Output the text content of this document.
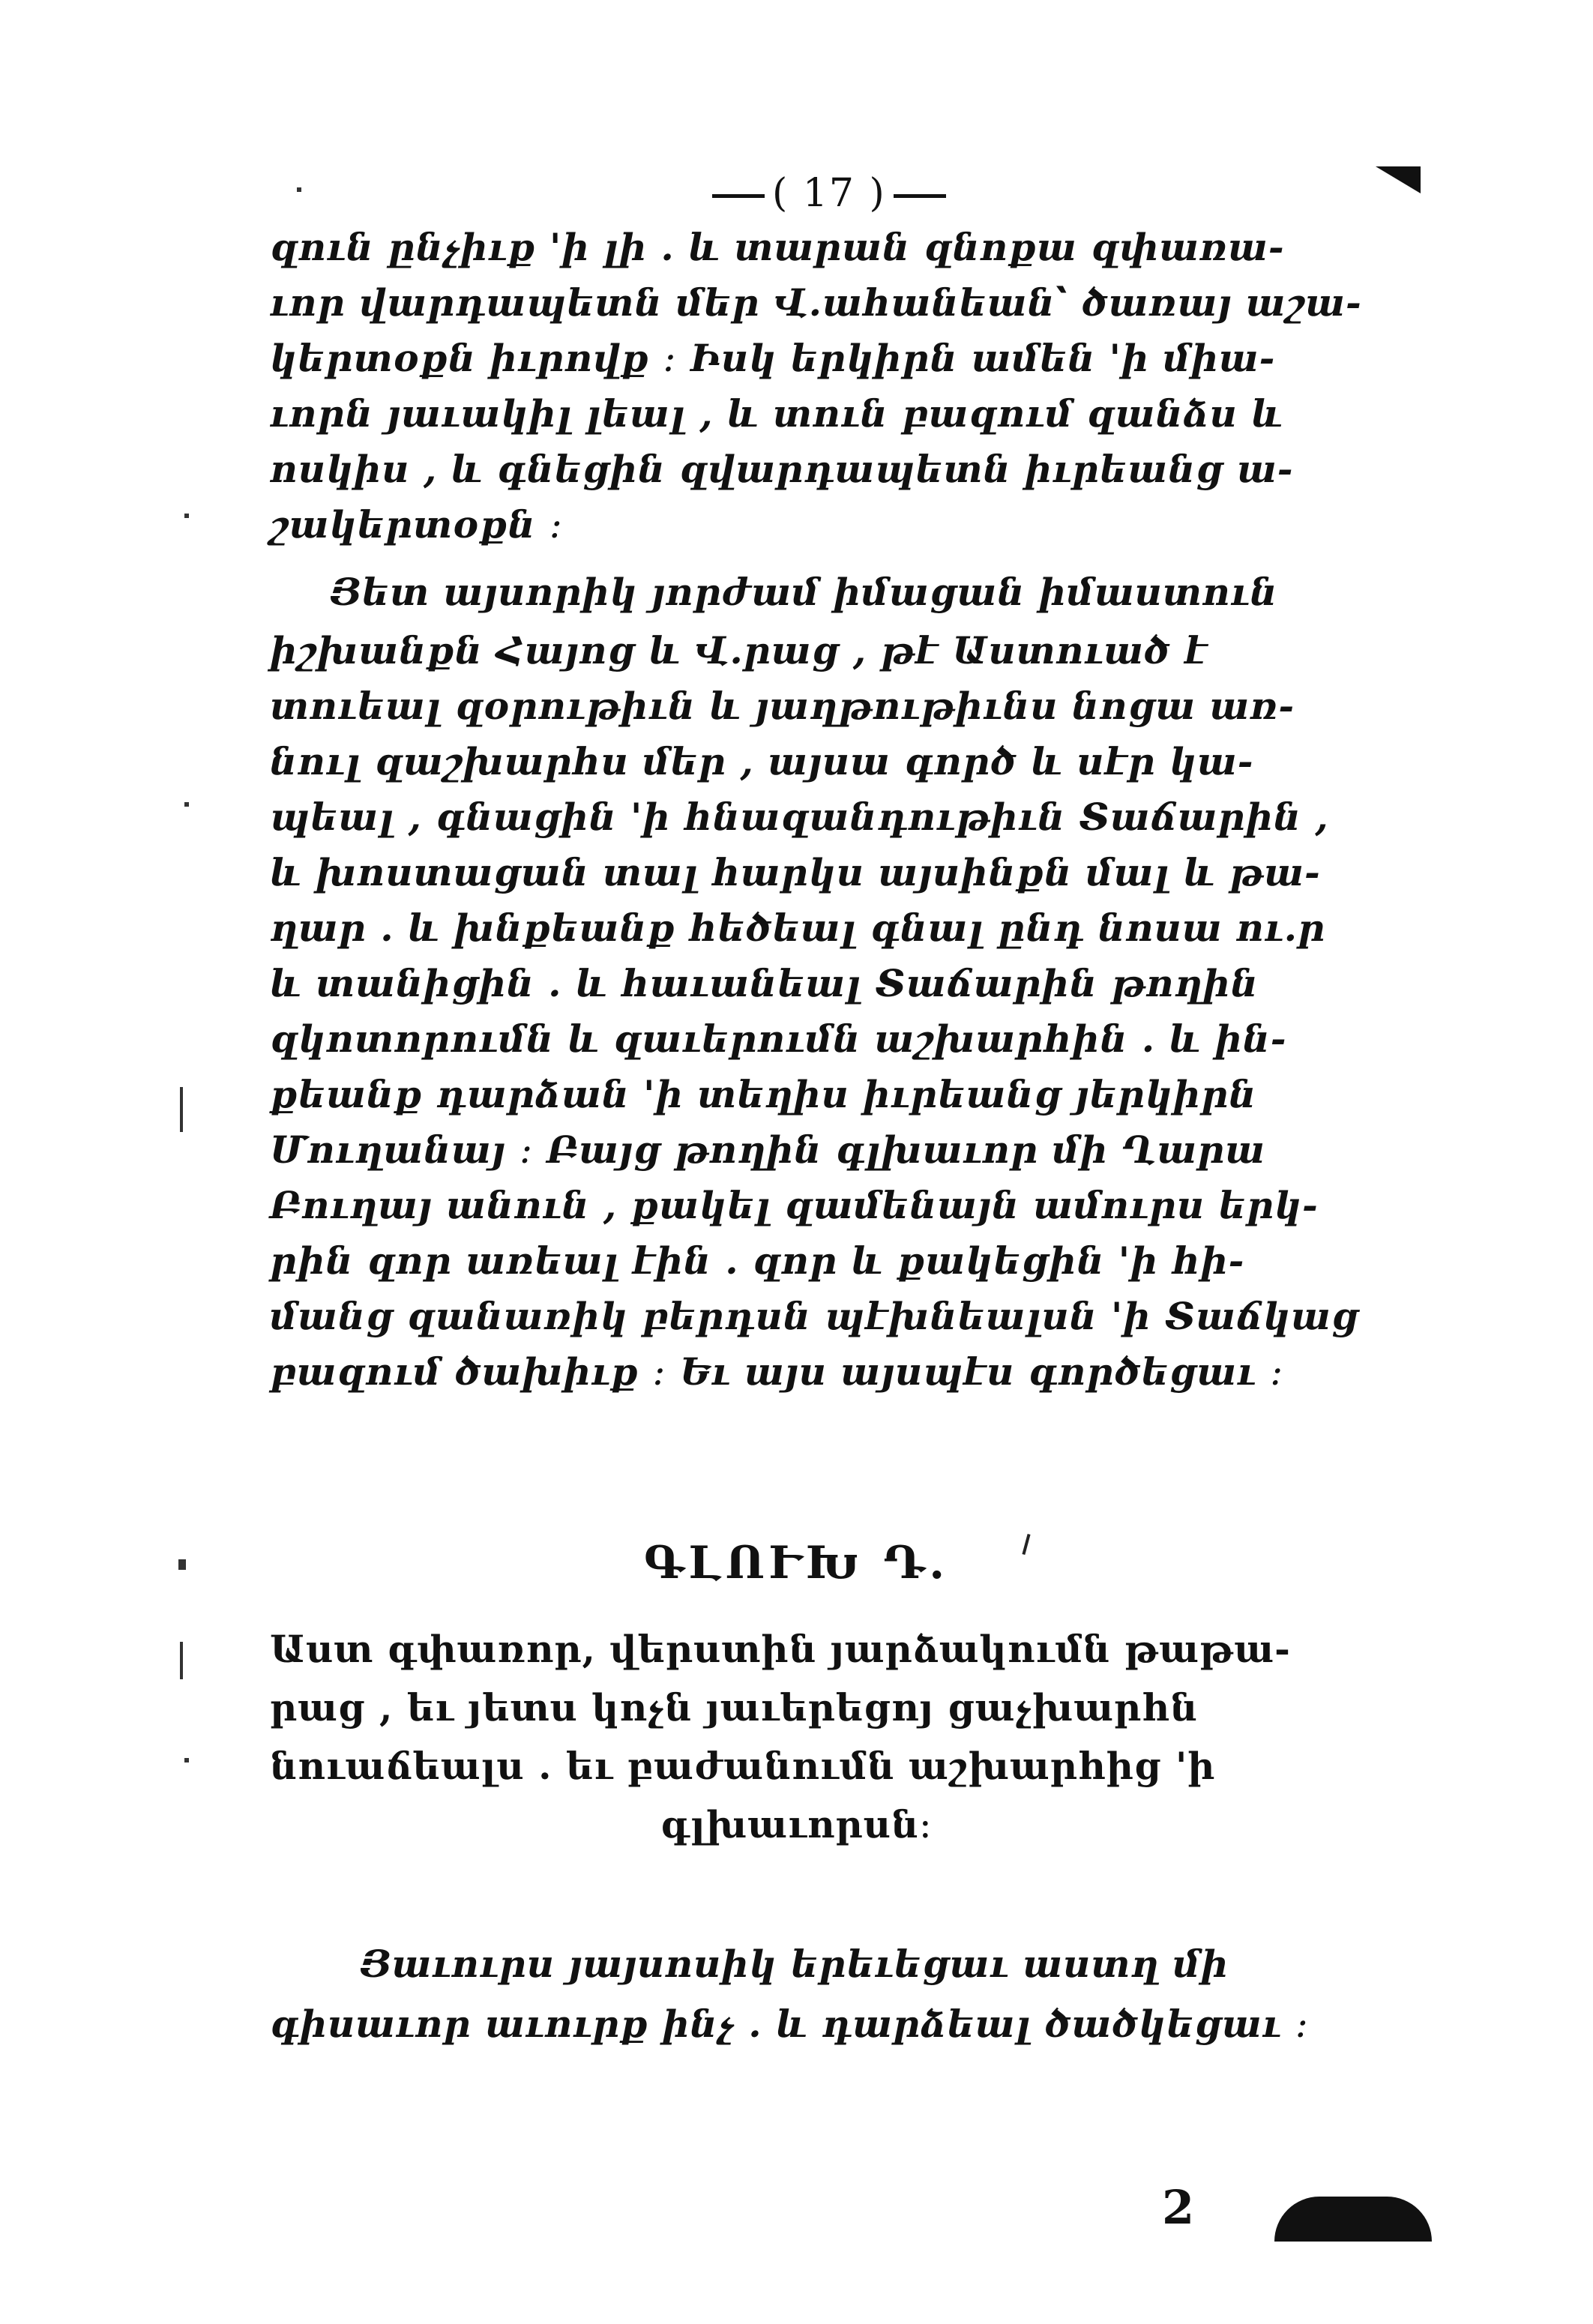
( 17 )
զուն ընչիւք 'ի լի . և տարան զնոքա զփառա-
ւոր վարդապետն մեր Վ.ահանեան՝ ծառայ աշա-
կերտօքն իւրովք ։ Իսկ երկիրն ամեն 'ի միա-
ւորն յաւակիլ լեալ , և տուն բազում զանձս և
ոսկիս , և գնեցին զվարդապետն իւրեանց ա-
շակերտօքն ։
Յետ այսորիկ յորժամ իմացան իմաստուն
իշխանքն Հայոց և Վ.րաց , թէ Աստուած է
տուեալ զօրութիւն և յաղթութիւնս նոցա առ-
նուլ զաշխարհս մեր , այսա գործ և սէր կա-
պեալ , գնացին 'ի հնազանդութիւն Տաճարին ,
և խոստացան տալ հարկս այսինքն մալ և թա-
ղար . և խնքեանք հեծեալ գնալ ընդ նոսա ու.ր
և տանիցին . և հաւանեալ Տաճարին թողին
զկոտորումն և զաւերումն աշխարհին . և ին-
քեանք դարձան 'ի տեղիս իւրեանց յերկիրն
Մուղանայ ։ Բայց թողին գլխաւոր մի Ղարա
Բուղայ անուն , քակել զամենայն ամուրս երկ-
րին զոր առեալ էին . զոր և քակեցին 'ի հի-
մանց զանառիկ բերդսն պէխնեալսն 'ի Տաճկաց
բազում ծախիւք ։ Եւ այս այսպէս գործեցաւ ։
ԳԼՈՒԽ Դ.
Աստ գփառոր, վերստին յարձակումն թաթա-
րաց , եւ յետս կոչն յաւերեցոյ ցաչխարհն
նուաճեալս . եւ բաժանումն աշխարհից 'ի
գլխաւորսն։
Յաւուրս յայսոսիկ երեւեցաւ աստղ մի
գիսաւոր աւուրք ինչ . և դարձեալ ծածկեցաւ ։
2
